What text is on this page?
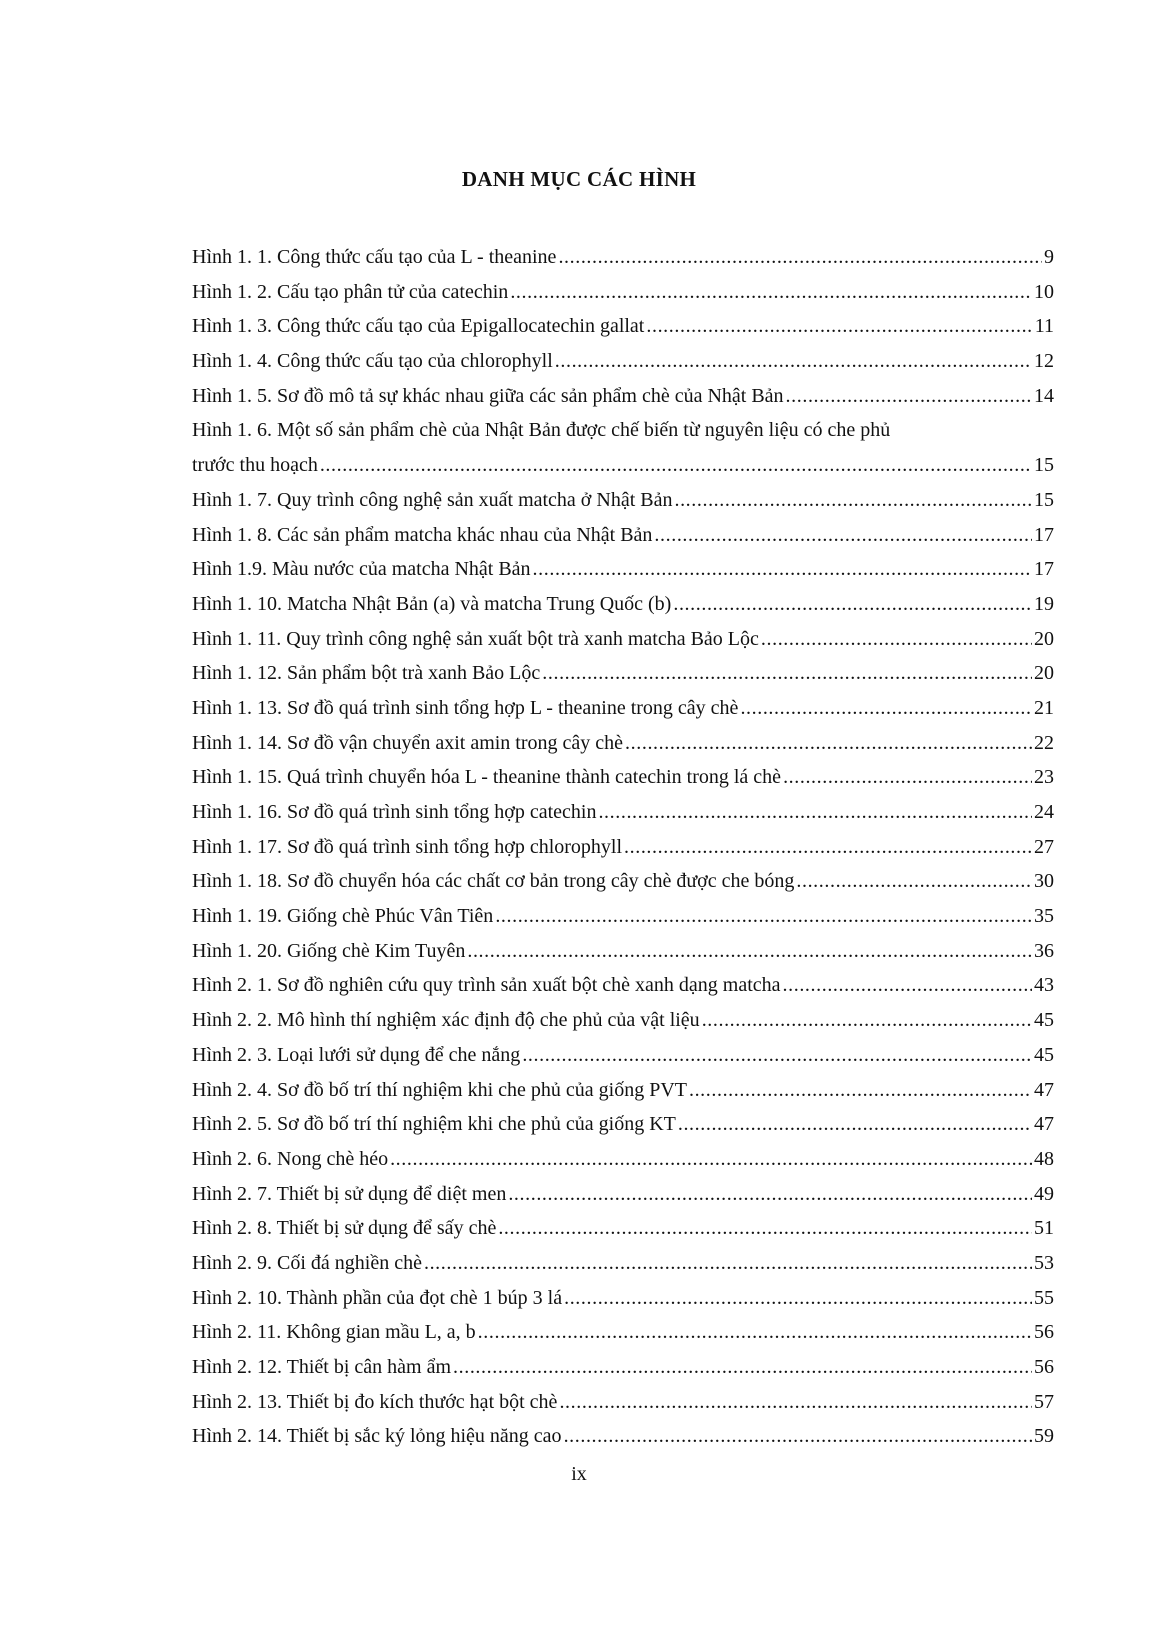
DANH MỤC CÁC HÌNH
Hình 1. 1. Công thức cấu tạo của L - theanine .....	9
Hình 1. 2. Cấu tạo phân tử của catechin .....	10
Hình 1. 3. Công thức cấu tạo của Epigallocatechin gallat .....	11
Hình 1. 4. Công thức cấu tạo của chlorophyll .....	12
Hình 1. 5. Sơ đồ mô tả sự khác nhau giữa các sản phẩm chè của Nhật Bản .....	14
Hình 1. 6. Một số sản phẩm chè của Nhật Bản được chế biến từ nguyên liệu có che phủ
trước thu hoạch .....	15
Hình 1. 7. Quy trình công nghệ sản xuất matcha ở Nhật Bản .....	15
Hình 1. 8. Các sản phẩm matcha khác nhau của Nhật Bản .....	17
Hình 1.9. Màu nước của matcha Nhật Bản .....	17
Hình 1. 10. Matcha Nhật Bản (a) và matcha Trung Quốc (b) .....	19
Hình 1. 11. Quy trình công nghệ sản xuất bột trà xanh matcha Bảo Lộc .....	20
Hình 1. 12. Sản phẩm bột trà xanh Bảo Lộc .....	20
Hình 1. 13. Sơ đồ quá trình sinh tổng hợp L - theanine trong cây chè .....	21
Hình 1. 14. Sơ đồ vận chuyển axit amin trong cây chè .....	22
Hình 1. 15. Quá trình chuyển hóa L - theanine thành catechin trong lá chè .....	23
Hình 1. 16. Sơ đồ quá trình sinh tổng hợp catechin .....	24
Hình 1. 17. Sơ đồ quá trình sinh tổng hợp chlorophyll .....	27
Hình 1. 18. Sơ đồ chuyển hóa các chất cơ bản trong cây chè được che bóng .....	30
Hình 1. 19. Giống chè Phúc Vân Tiên .....	35
Hình 1. 20. Giống chè Kim Tuyên .....	36
Hình 2. 1. Sơ đồ nghiên cứu quy trình sản xuất bột chè xanh dạng matcha .....	43
Hình 2. 2. Mô hình thí nghiệm xác định độ che phủ của vật liệu .....	45
Hình 2. 3. Loại lưới sử dụng để che nắng .....	45
Hình 2. 4. Sơ đồ bố trí thí nghiệm khi che phủ của giống PVT .....	47
Hình 2. 5. Sơ đồ bố trí thí nghiệm khi che phủ của giống KT .....	47
Hình 2. 6. Nong chè héo .....	48
Hình 2. 7. Thiết bị sử dụng để diệt men .....	49
Hình 2. 8. Thiết bị sử dụng để sấy chè .....	51
Hình 2. 9. Cối đá nghiền chè .....	53
Hình 2. 10. Thành phần của đọt chè 1 búp 3 lá .....	55
Hình 2. 11. Không gian mầu L, a, b .....	56
Hình 2. 12. Thiết bị cân hàm ẩm .....	56
Hình 2. 13. Thiết bị đo kích thước hạt bột chè .....	57
Hình 2. 14. Thiết bị sắc ký lỏng hiệu năng cao .....	59
ix
